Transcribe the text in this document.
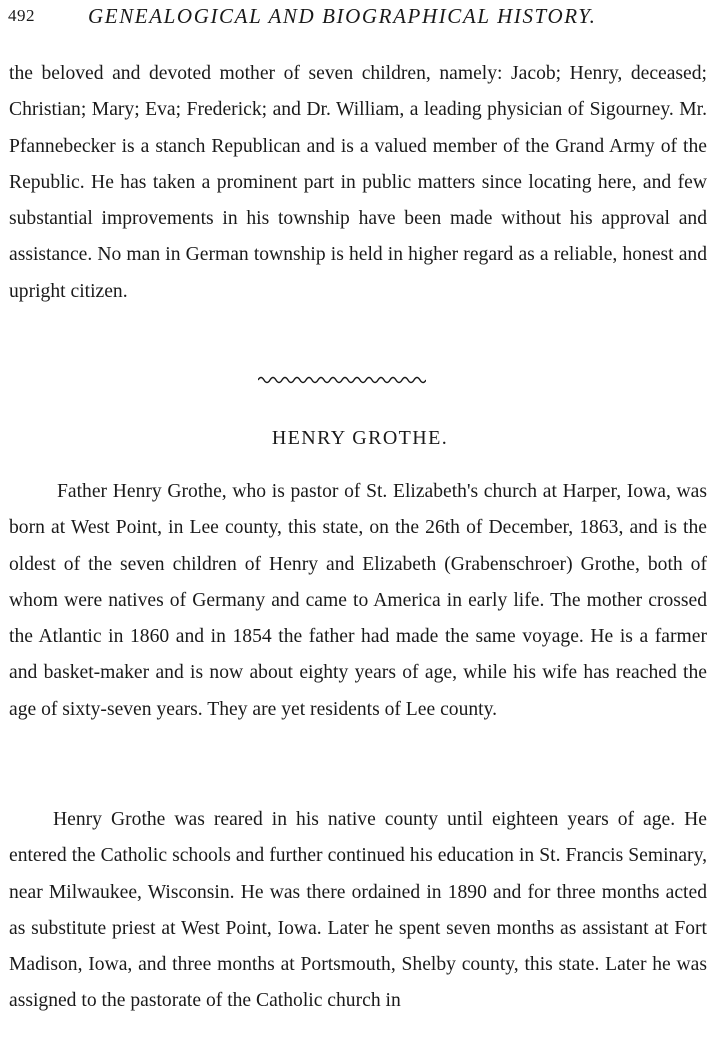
492	GENEALOGICAL AND BIOGRAPHICAL HISTORY.

the beloved and devoted mother of seven children, namely: Jacob; Henry, deceased; Christian; Mary; Eva; Frederick; and Dr. William, a leading physician of Sigourney. Mr. Pfannebecker is a stanch Republican and is a valued member of the Grand Army of the Republic. He has taken a prominent part in public matters since locating here, and few substantial improvements in his township have been made without his approval and assistance. No man in German township is held in higher regard as a reliable, honest and upright citizen.

HENRY GROTHE.

Father Henry Grothe, who is pastor of St. Elizabeth's church at Harper, Iowa, was born at West Point, in Lee county, this state, on the 26th of December, 1863, and is the oldest of the seven children of Henry and Elizabeth (Grabenschroer) Grothe, both of whom were natives of Germany and came to America in early life. The mother crossed the Atlantic in 1860 and in 1854 the father had made the same voyage. He is a farmer and basket-maker and is now about eighty years of age, while his wife has reached the age of sixty-seven years. They are yet residents of Lee county.

Henry Grothe was reared in his native county until eighteen years of age. He entered the Catholic schools and further continued his education in St. Francis Seminary, near Milwaukee, Wisconsin. He was there ordained in 1890 and for three months acted as substitute priest at West Point, Iowa. Later he spent seven months as assistant at Fort Madison, Iowa, and three months at Portsmouth, Shelby county, this state. Later he was assigned to the pastorate of the Catholic church in
